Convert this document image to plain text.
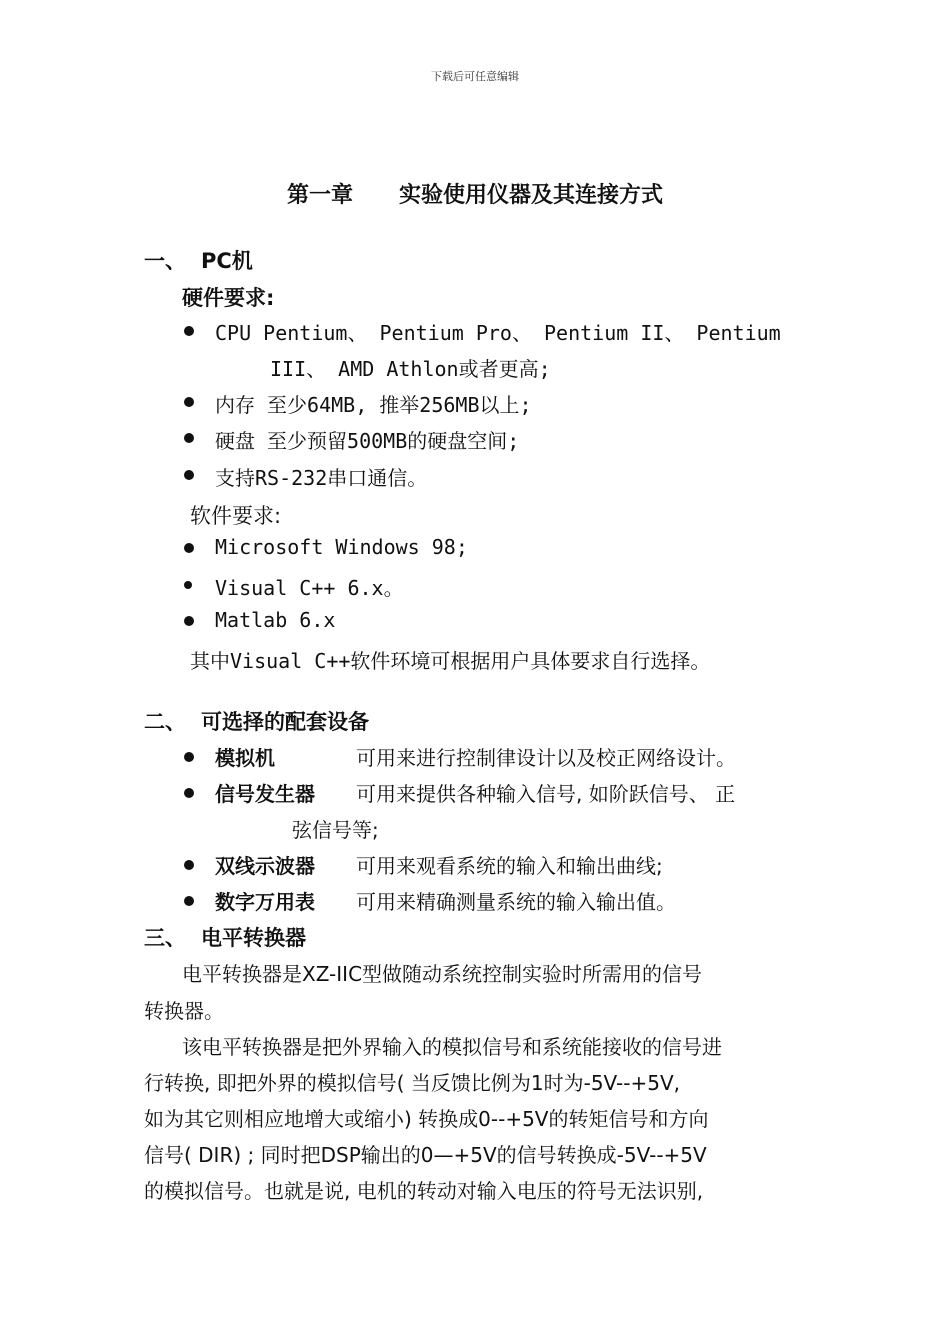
下载后可任意编辑
第一章 实验使用仪器及其连接方式
一、 PC机
硬件要求:
CPU Pentium、 Pentium Pro、 Pentium II、 Pentium
III、 AMD Athlon或者更高;
内存 至少64MB, 推举256MB以上;
硬盘 至少预留500MB的硬盘空间;
支持RS-232串口通信。
软件要求:
Microsoft Windows 98;
Visual C++ 6.x。
Matlab 6.x
其中Visual C++软件环境可根据用户具体要求自行选择。
二、 可选择的配套设备
模拟机	可用来进行控制律设计以及校正网络设计。
信号发生器 可用来提供各种输入信号, 如阶跃信号、 正
弦信号等;
双线示波器 可用来观看系统的输入和输出曲线;
数字万用表 可用来精确测量系统的输入输出值。
三、 电平转换器
电平转换器是XZ-IIC型做随动系统控制实验时所需用的信号
转换器。
该电平转换器是把外界输入的模拟信号和系统能接收的信号进
行转换, 即把外界的模拟信号( 当反馈比例为1时为-5V--+5V,
如为其它则相应地增大或缩小) 转换成0--+5V的转矩信号和方向
信号( DIR) ; 同时把DSP输出的0—+5V的信号转换成-5V--+5V
的模拟信号。也就是说, 电机的转动对输入电压的符号无法识别,
